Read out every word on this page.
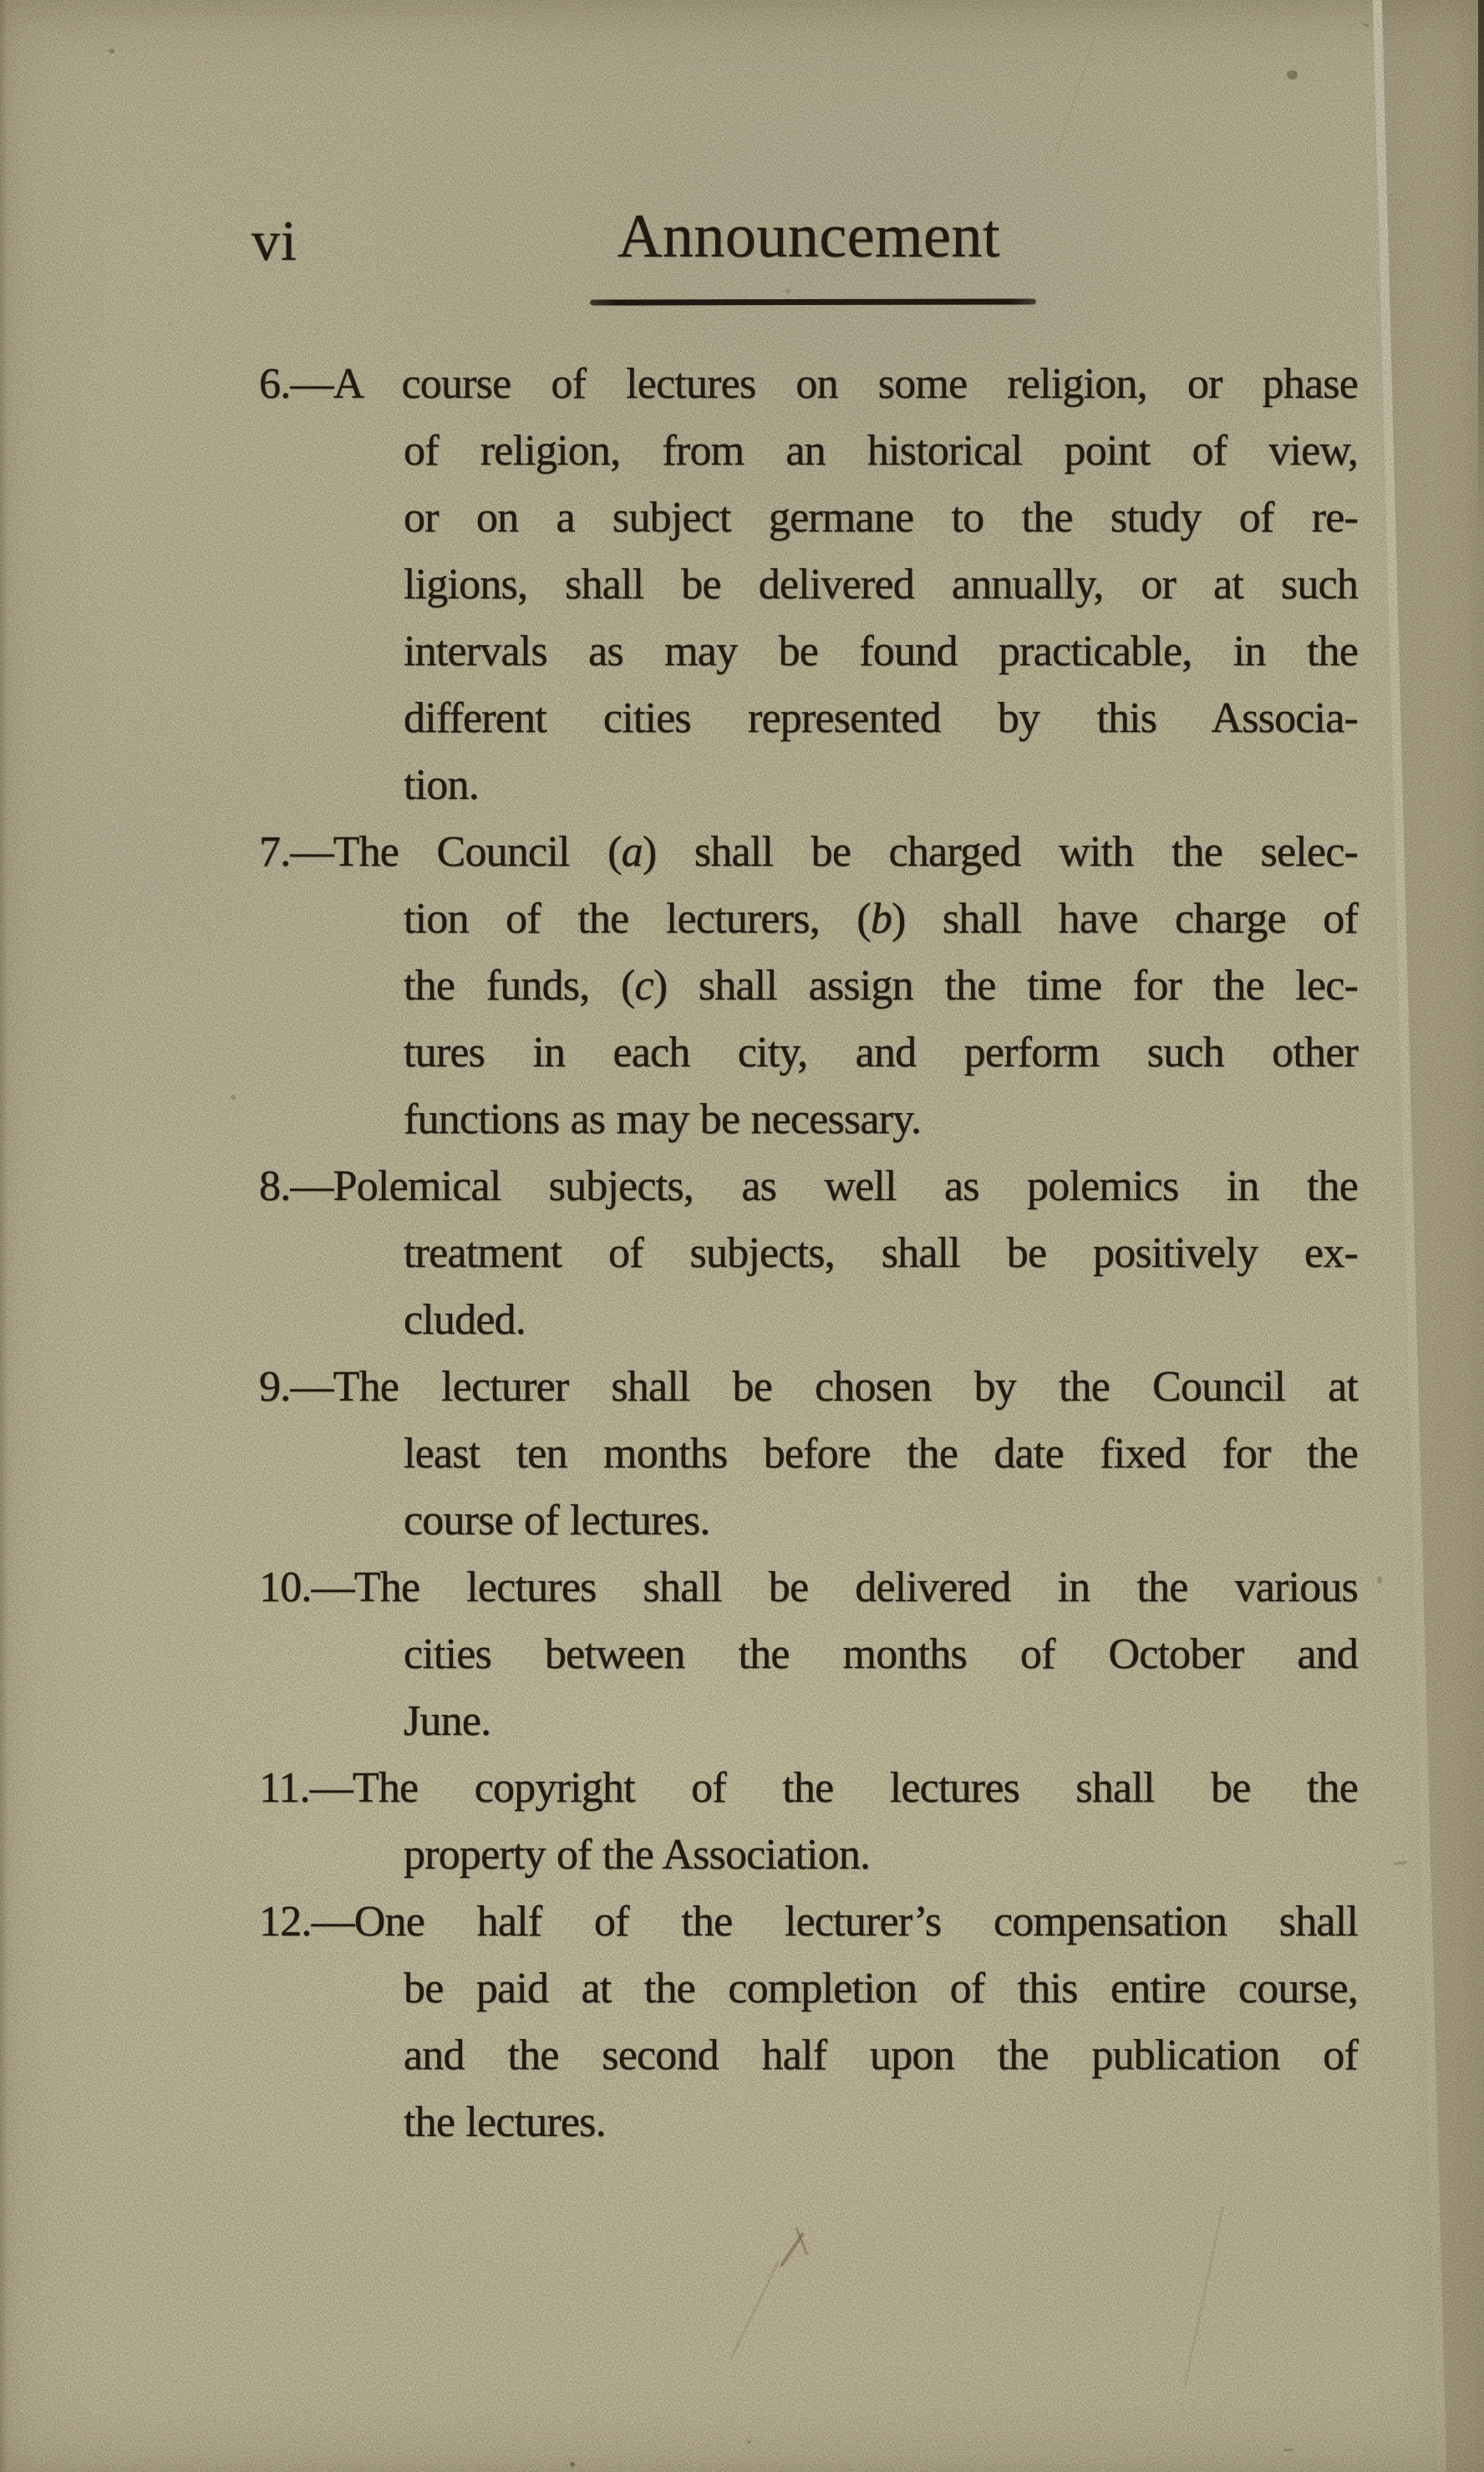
vi	Announcement
6.—A course of lectures on some religion, or phase
of religion, from an historical point of view,
or on a subject germane to the study of re-
ligions, shall be delivered annually, or at such
intervals as may be found practicable, in the
different cities represented by this Associa-
tion.
7.—The Council (a) shall be charged with the selec-
tion of the lecturers, (b) shall have charge of
the funds, (c) shall assign the time for the lec-
tures in each city, and perform such other
functions as may be necessary.
8.—Polemical subjects, as well as polemics in the
treatment of subjects, shall be positively ex-
cluded.
9.—The lecturer shall be chosen by the Council at
least ten months before the date fixed for the
course of lectures.
10.—The lectures shall be delivered in the various
cities between the months of October and
June.
11.—The copyright of the lectures shall be the
property of the Association.
12.—One half of the lecturer’s compensation shall
be paid at the completion of this entire course,
and the second half upon the publication of
the lectures.
